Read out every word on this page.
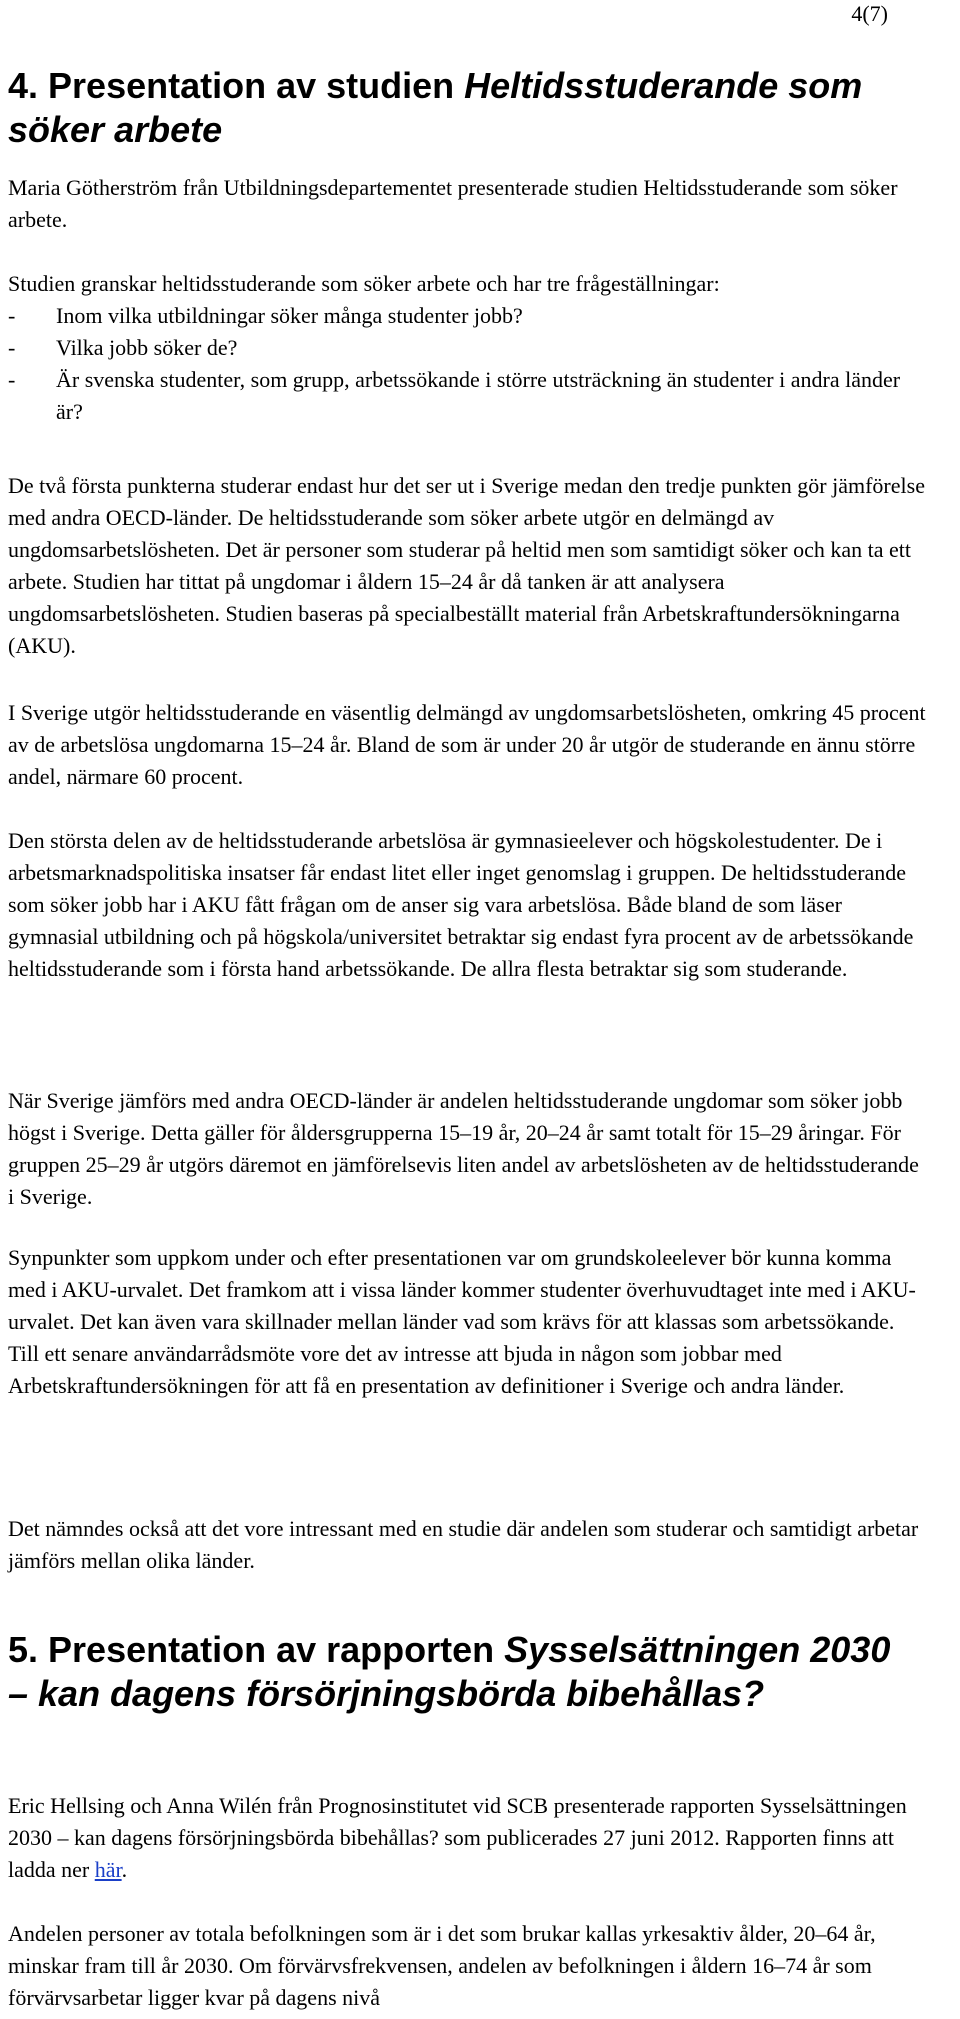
4(7)
4. Presentation av studien Heltidsstuderande som söker arbete

Maria Götherström från Utbildningsdepartementet presenterade studien Heltidsstuderande som söker arbete.

Studien granskar heltidsstuderande som söker arbete och har tre frågeställningar:

-	Inom vilka utbildningar söker många studenter jobb?
-	Vilka jobb söker de?
-	Är svenska studenter, som grupp, arbetssökande i större utsträckning än studenter i andra länder är?

De två första punkterna studerar endast hur det ser ut i Sverige medan den tredje punkten gör jämförelse med andra OECD-länder. De heltidsstuderande som söker arbete utgör en delmängd av ungdomsarbetslösheten. Det är personer som studerar på heltid men som samtidigt söker och kan ta ett arbete. Studien har tittat på ungdomar i åldern 15–24 år då tanken är att analysera ungdomsarbetslösheten. Studien baseras på specialbeställt material från Arbetskraftundersökningarna (AKU).

I Sverige utgör heltidsstuderande en väsentlig delmängd av ungdomsarbetslösheten, omkring 45 procent av de arbetslösa ungdomarna 15–24 år. Bland de som är under 20 år utgör de studerande en ännu större andel, närmare 60 procent.

Den största delen av de heltidsstuderande arbetslösa är gymnasieelever och högskolestudenter. De i arbetsmarknadspolitiska insatser får endast litet eller inget genomslag i gruppen. De heltidsstuderande som söker jobb har i AKU fått frågan om de anser sig vara arbetslösa. Både bland de som läser gymnasial utbildning och på högskola/universitet betraktar sig endast fyra procent av de arbetssökande heltidsstuderande som i första hand arbetssökande. De allra flesta betraktar sig som studerande.

När Sverige jämförs med andra OECD-länder är andelen heltidsstuderande ungdomar som söker jobb högst i Sverige. Detta gäller för åldersgrupperna 15–19 år, 20–24 år samt totalt för 15–29 åringar. För gruppen 25–29 år utgörs däremot en jämförelsevis liten andel av arbetslösheten av de heltidsstuderande i Sverige.

Synpunkter som uppkom under och efter presentationen var om grundskoleelever bör kunna komma med i AKU-urvalet. Det framkom att i vissa länder kommer studenter överhuvudtaget inte med i AKU-urvalet. Det kan även vara skillnader mellan länder vad som krävs för att klassas som arbetssökande. Till ett senare användarrådsmöte vore det av intresse att bjuda in någon som jobbar med Arbetskraftundersökningen för att få en presentation av definitioner i Sverige och andra länder.

Det nämndes också att det vore intressant med en studie där andelen som studerar och samtidigt arbetar jämförs mellan olika länder.

5. Presentation av rapporten Sysselsättningen 2030 – kan dagens försörjningsbörda bibehållas?

Eric Hellsing och Anna Wilén från Prognosinstitutet vid SCB presenterade rapporten Sysselsättningen 2030 – kan dagens försörjningsbörda bibehållas? som publicerades 27 juni 2012. Rapporten finns att ladda ner här.

Andelen personer av totala befolkningen som är i det som brukar kallas yrkesaktiv ålder, 20–64 år, minskar fram till år 2030. Om förvärvsfrekvensen, andelen av befolkningen i åldern 16–74 år som förvärvsarbetar ligger kvar på dagens nivå
